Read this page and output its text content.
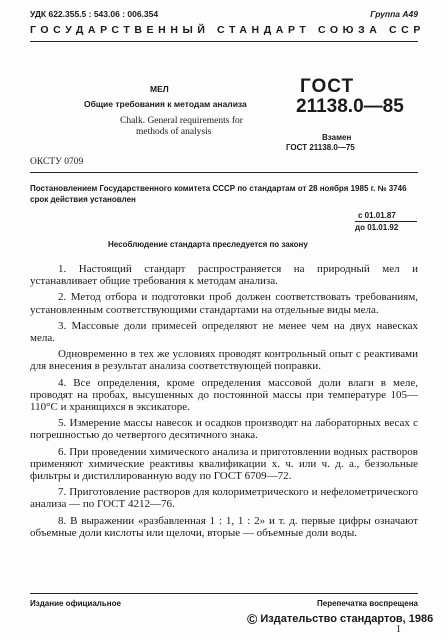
УДК 622.355.5 : 543.06 : 006.354	Группа А49
ГОСУДАРСТВЕННЫЙ СТАНДАРТ СОЮЗА ССР
МЕЛ
Общие требования к методам анализа
Chalk. General requirements for
methods of analysis
ГОСТ
21138.0—85
Взамен
ГОСТ 21138.0—75
ОКСТУ 0709
Постановлением Государственного комитета СССР по стандартам от 28 ноября 1985 г. № 3746 срок действия установлен
с 01.01.87
до 01.01.92
Несоблюдение стандарта преследуется по закону

1. Настоящий стандарт распространяется на природный мел и устанавливает общие требования к методам анализа.

2. Метод отбора и подготовки проб должен соответствовать требованиям, установленным соответствующими стандартами на отдельные виды мела.

3. Массовые доли примесей определяют не менее чем на двух навесках мела.

Одновременно в тех же условиях проводят контрольный опыт с реактивами для внесения в результат анализа соответствующей поправки.

4. Все определения, кроме определения массовой доли влаги в меле, проводят на пробах, высушенных до постоянной массы при температуре 105—110°С и хранящихся в эксикаторе.

5. Измерение массы навесок и осадков производят на лабораторных весах с погрешностью до четвертого десятичного знака.

6. При проведении химического анализа и приготовлении водных растворов применяют химические реактивы квалификации х. ч. или ч. д. а., беззольные фильтры и дистиллированную воду по ГОСТ 6709—72.

7. Приготовление растворов для колориметрического и нефелометрического анализа — по ГОСТ 4212—76.

8. В выражении «разбавленная 1 : 1, 1 : 2» и т. д. первые цифры означают объемные доли кислоты или щелочи, вторые — объемные доли воды.

Издание официальное	Перепечатка воспрещена
© Издательство стандартов, 1986
1
